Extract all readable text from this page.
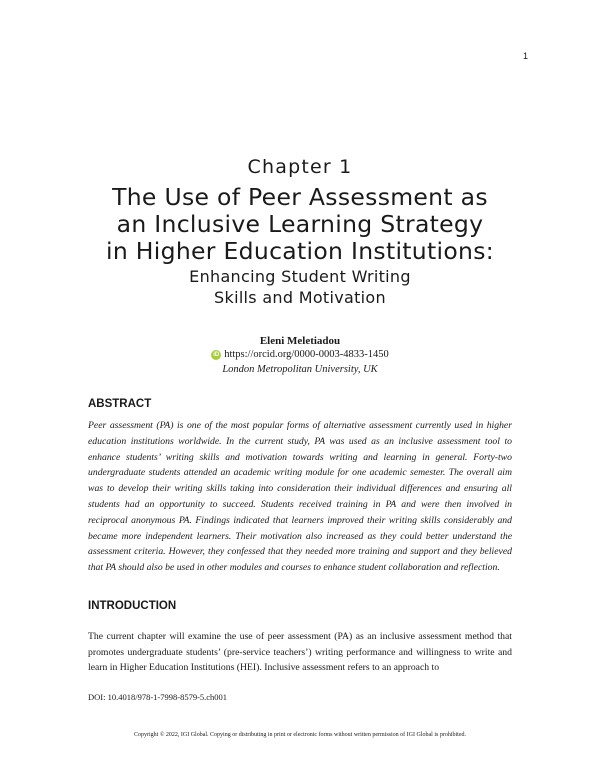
1
Chapter 1
The Use of Peer Assessment as
an Inclusive Learning Strategy
in Higher Education Institutions:
Enhancing Student Writing
Skills and Motivation
Eleni Meletiadou
iD https://orcid.org/0000-0003-4833-1450
London Metropolitan University, UK
ABSTRACT
Peer assessment (PA) is one of the most popular forms of alternative assessment currently used in higher education institutions worldwide. In the current study, PA was used as an inclusive assessment tool to enhance students’ writing skills and motivation towards writing and learning in general. Forty-two undergraduate students attended an academic writing module for one academic semester. The overall aim was to develop their writing skills taking into consideration their individual differences and ensuring all students had an opportunity to succeed. Students received training in PA and were then involved in reciprocal anonymous PA. Findings indicated that learners improved their writing skills considerably and became more independent learners. Their motivation also increased as they could better understand the assessment criteria. However, they confessed that they needed more training and support and they believed that PA should also be used in other modules and courses to enhance student collaboration and reflection.
INTRODUCTION
The current chapter will examine the use of peer assessment (PA) as an inclusive assessment method that promotes undergraduate students’ (pre-service teachers’) writing performance and willingness to write and learn in Higher Education Institutions (HEI). Inclusive assessment refers to an approach to
DOI: 10.4018/978-1-7998-8579-5.ch001
Copyright © 2022, IGI Global. Copying or distributing in print or electronic forms without written permission of IGI Global is prohibited.
